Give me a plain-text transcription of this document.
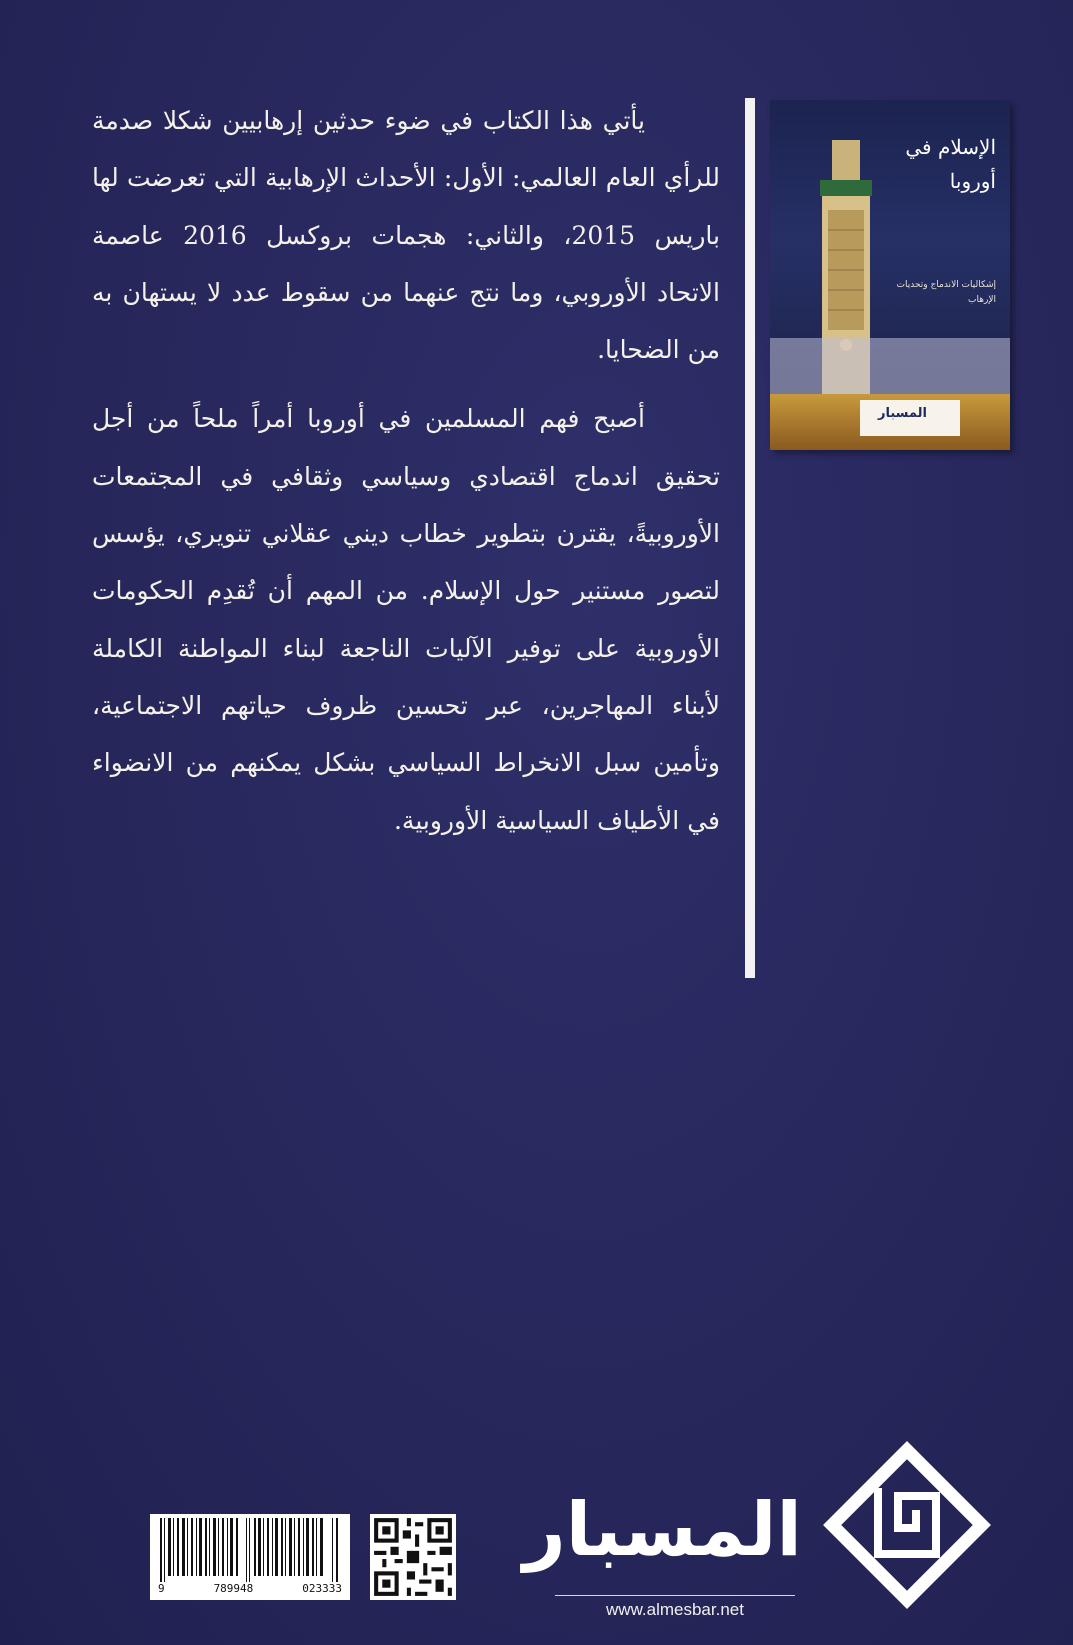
يأتي هذا الكتاب في ضوء حدثين إرهابيين شكلا صدمة للرأي العام العالمي: الأول: الأحداث الإرهابية التي تعرضت لها باريس 2015، والثاني: هجمات بروكسل 2016 عاصمة الاتحاد الأوروبي، وما نتج عنهما من سقوط عدد لا يستهان به من الضحايا.

أصبح فهم المسلمين في أوروبا أمراً ملحاً من أجل تحقيق اندماج اقتصادي وسياسي وثقافي في المجتمعات الأوروبيةً، يقترن بتطوير خطاب ديني عقلاني تنويري، يؤسس لتصور مستنير حول الإسلام. من المهم أن تُقدِم الحكومات الأوروبية على توفير الآليات الناجعة لبناء المواطنة الكاملة لأبناء المهاجرين، عبر تحسين ظروف حياتهم الاجتماعية، وتأمين سبل الانخراط السياسي بشكل يمكنهم من الانضواء في الأطياف السياسية الأوروبية.

الإسلام في أوروبا
إشكاليات الاندماج وتحديات الإرهاب
المسبار
9	789948	023333
المسبار
www.almesbar.net
